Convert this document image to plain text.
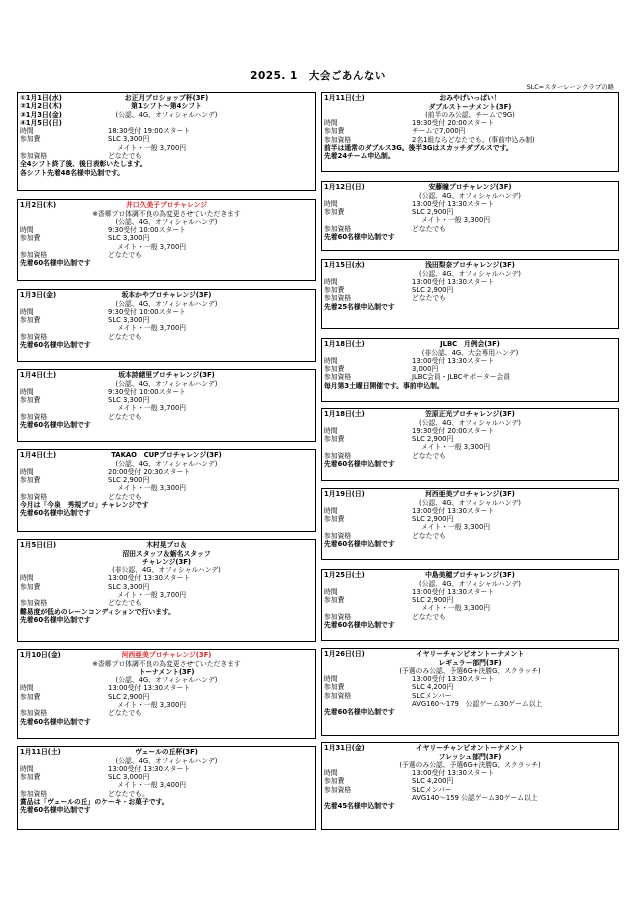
2025. 1　大会ごあんない
SLC=スターレーンクラブの略
①1月1日(水)	お正月プロショップ杯(3F)
②1月2日(木)	第1シフト～第4シフト
③1月3日(金)	(公認、4G、オフィシャルハンデ)
④1月5日(日)
時間	18:30受付 19:00スタート
参加費	SLC 3,300円
メイト・一般 3,700円
参加資格	どなたでも
全4シフト終了後、後日表彰いたします。
各シフト先着48名様申込制です。
1月2日(木)	井口久美子プロチャレンジ
※香郷プロ体調不良の為変更させていただきます
(公認、4G、オフィシャルハンデ)
時間	9:30受付 10:00スタート
参加費	SLC 3,300円
メイト・一般 3,700円
参加資格	どなたでも
先着60名様申込制です
1月3日(金)	坂本かやプロチャレンジ(3F)
(公認、4G、オフィシャルハンデ)
時間	9:30受付 10:00スタート
参加費	SLC 3,300円
メイト・一般 3,700円
参加資格	どなたでも
先着60名様申込制です
1月4日(土)	坂本詩緒里プロチャレンジ(3F)
(公認、4G、オフィシャルハンデ)
時間	9:30受付 10:00スタート
参加費	SLC 3,300円
メイト・一般 3,700円
参加資格	どなたでも
先着60名様申込制です
1月4日(土)	TAKAO　CUPプロチャレンジ(3F)
(公認、4G、オフィシャルハンデ)
時間	20:00受付 20:30スタート
参加費	SLC 2,900円
メイト・一般 3,300円
参加資格	どなたでも
今月は「今泉　秀規プロ」チャレンジです
先着60名様申込制です
1月5日(日)	木村晃プロ＆
沼田スタッフ＆蛎名スタッフ
チャレンジ(3F)
(非公認、4G、オフィシャルハンデ)
時間	13:00受付 13:30スタート
参加費	SLC 3,300円
メイト・一般 3,700円
参加資格	どなたでも
難易度が低めのレーンコンディションで行います。
先着60名様申込制です
1月10日(金)	河西亜美プロチャレンジ(3F)
※香郷プロ体調不良の為変更させていただきます
トーナメント(3F)
(公認、4G、オフィシャルハンデ)
時間	13:00受付 13:30スタート
参加費	SLC 2,900円
メイト・一般 3,300円
参加資格	どなたでも
先着60名様申込制です
1月11日(土)	ヴェールの丘杯(3F)
(公認、4G、オフィシャルハンデ)
時間	13:00受付 13:30スタート
参加費	SLC 3,000円
メイト・一般 3,400円
参加資格	どなたでも。
賞品は「ヴェールの丘」のケーキ・お菓子です。
先着60名様申込制です
1月11日(土)	おみやげいっぱい！
ダブルストーナメント(3F)
(前半のみ公認、チームで9G)
時間	19:30受付 20:00スタート
参加費	チームで7,000円
参加資格	2名1組ならどなたでも。(事前申込み制)
前半は通常のダブルス3G。後半3Gはスカッチダブルスです。
先着24チーム申込制。
1月12日(日)	安藤瞳プロチャレンジ(3F)
(公認、4G、オフィシャルハンデ)
時間	13:00受付 13:30スタート
参加費	SLC 2,900円
メイト・一般 3,300円
参加資格	どなたでも
先着60名様申込制です
1月15日(水)	浅田梨奈プロチャレンジ(3F)
(公認、4G、オフィシャルハンデ)
時間	13:00受付 13:30スタート
参加費	SLC 2,900円
参加資格	どなたでも
先着25名様申込制です
1月18日(土)	JLBC　月例会(3F)
(非公認、4G、大会専用ハンデ)
時間	13:00受付 13:30スタート
参加費	3,000円
参加資格	JLBC会員・JLBCサポーター会員
毎月第3土曜日開催です。事前申込制。
1月18日(土)	笠原正光プロチャレンジ(3F)
(公認、4G、オフィシャルハンデ)
時間	19:30受付 20:00スタート
参加費	SLC 2,900円
メイト・一般 3,300円
参加資格	どなたでも
先着60名様申込制です
1月19日(日)	河西亜美プロチャレンジ(3F)
(公認、4G、オフィシャルハンデ)
時間	13:00受付 13:30スタート
参加費	SLC 2,900円
メイト・一般 3,300円
参加資格	どなたでも
先着60名様申込制です
1月25日(土)	中島美穂プロチャレンジ(3F)
(公認、4G、オフィシャルハンデ)
時間	13:00受付 13:30スタート
参加費	SLC 2,900円
メイト・一般 3,300円
参加資格	どなたでも
先着60名様申込制です
1月26日(日)	イヤリーチャンピオントーナメント
レギュラー部門(3F)
(予選のみ公認、予選6G+決勝G、スクラッチ)
時間	13:00受付 13:30スタート
参加費	SLC 4,200円
参加資格	SLCメンバー
AVG160～179　公認ゲーム30ゲーム以上
先着60名様申込制です
1月31日(金)	イヤリーチャンピオントーナメント
フレッシュ部門(3F)
(予選のみ公認、予選6G+決勝G、スクラッチ)
時間	13:00受付 13:30スタート
参加費	SLC 4,200円
参加資格	SLCメンバー
AVG140～159 公認ゲーム30ゲーム以上
先着45名様申込制です
